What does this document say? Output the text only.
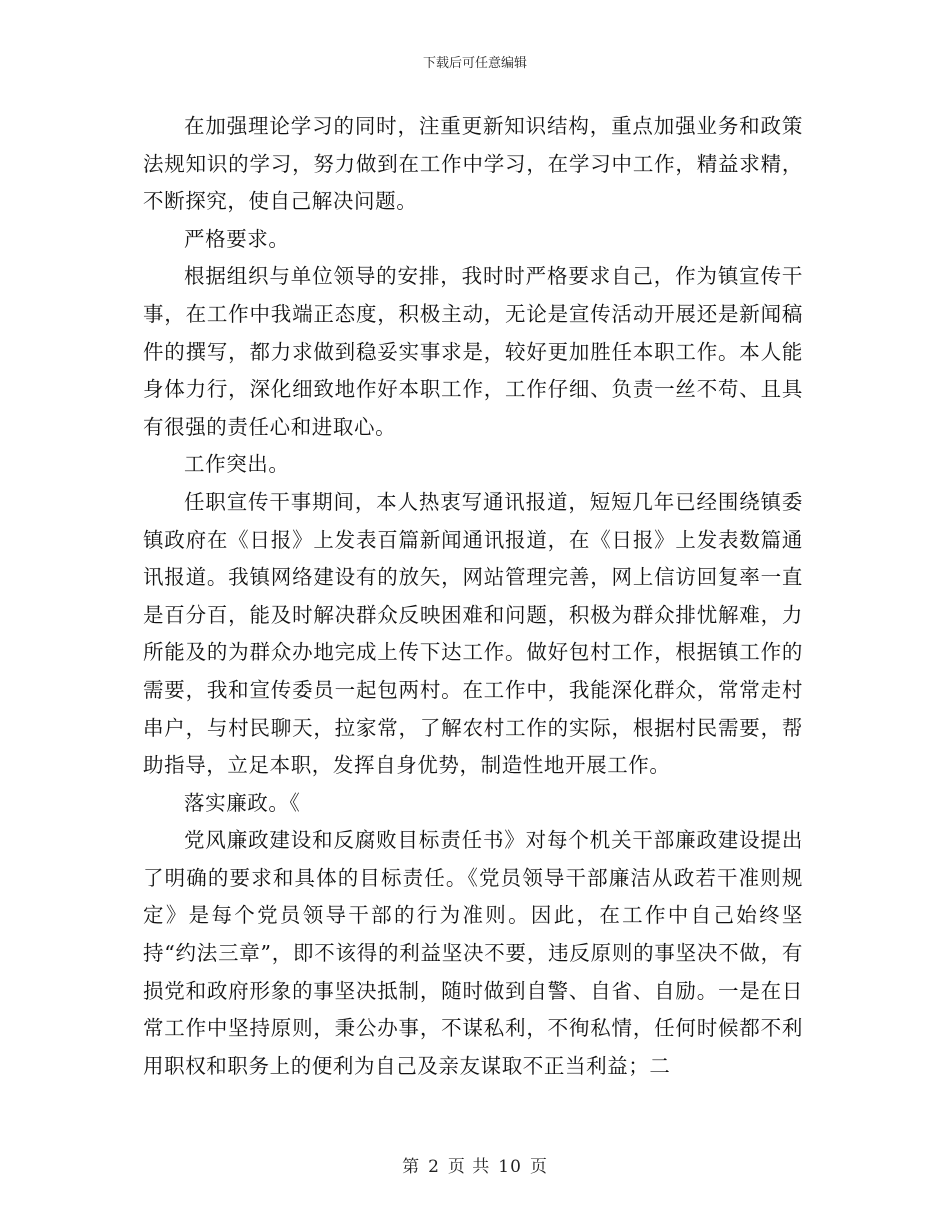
下载后可任意编辑

在加强理论学习的同时，注重更新知识结构，重点加强业务和政策法规知识的学习，努力做到在工作中学习，在学习中工作，精益求精，不断探究，使自己解决问题。

严格要求。

根据组织与单位领导的安排，我时时严格要求自己，作为镇宣传干事，在工作中我端正态度，积极主动，无论是宣传活动开展还是新闻稿件的撰写，都力求做到稳妥实事求是，较好更加胜任本职工作。本人能身体力行，深化细致地作好本职工作，工作仔细、负责一丝不苟、且具有很强的责任心和进取心。

工作突出。

任职宣传干事期间，本人热衷写通讯报道，短短几年已经围绕镇委镇政府在《日报》上发表百篇新闻通讯报道，在《日报》上发表数篇通讯报道。我镇网络建设有的放矢，网站管理完善，网上信访回复率一直是百分百，能及时解决群众反映困难和问题，积极为群众排忧解难，力所能及的为群众办地完成上传下达工作。做好包村工作，根据镇工作的需要，我和宣传委员一起包两村。在工作中，我能深化群众，常常走村串户，与村民聊天，拉家常，了解农村工作的实际，根据村民需要，帮助指导，立足本职，发挥自身优势，制造性地开展工作。

落实廉政。《

党风廉政建设和反腐败目标责任书》对每个机关干部廉政建设提出了明确的要求和具体的目标责任。《党员领导干部廉洁从政若干准则规定》是每个党员领导干部的行为准则。因此，在工作中自己始终坚持“约法三章”，即不该得的利益坚决不要，违反原则的事坚决不做，有损党和政府形象的事坚决抵制，随时做到自警、自省、自励。一是在日常工作中坚持原则，秉公办事，不谋私利，不徇私情，任何时候都不利用职权和职务上的便利为自己及亲友谋取不正当利益；二

第 2 页 共 10 页
